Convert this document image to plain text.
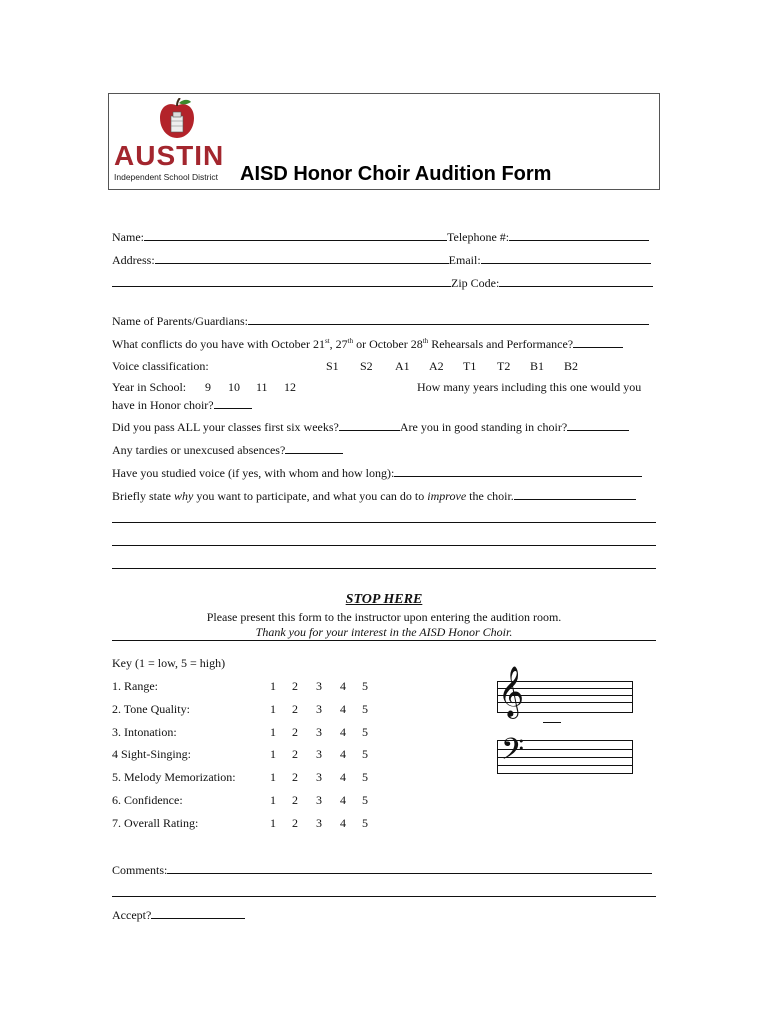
AUSTIN
Independent School District AISD Honor Choir Audition Form
Name:	Telephone #:
Address:	Email:
Zip Code:
Name of Parents/Guardians:
What conflicts do you have with October 21st, 27th or October 28th Rehearsals and Performance?
Voice classification:	S1 S2 A1 A2 T1 T2 B1 B2
Year in School: 9 10 11 12	How many years including this one would you
have in Honor choir?
Did you pass ALL your classes first six weeks?	Are you in good standing in choir?
Any tardies or unexcused absences?
Have you studied voice (if yes, with whom and how long):
Briefly state why you want to participate, and what you can do to improve the choir.
STOP HERE
Please present this form to the instructor upon entering the audition room.
Thank you for your interest in the AISD Honor Choir.
Key (1 = low, 5 = high)
1. Range:	1 2 3 4 5
2. Tone Quality:	1 2 3 4 5
3. Intonation:	1 2 3 4 5
4 Sight-Singing:	1 2 3 4 5
5. Melody Memorization:	1 2 3 4 5
6. Confidence:	1 2 3 4 5
7. Overall Rating:	1 2 3 4 5
𝄞
𝄢
Comments:
Accept?
